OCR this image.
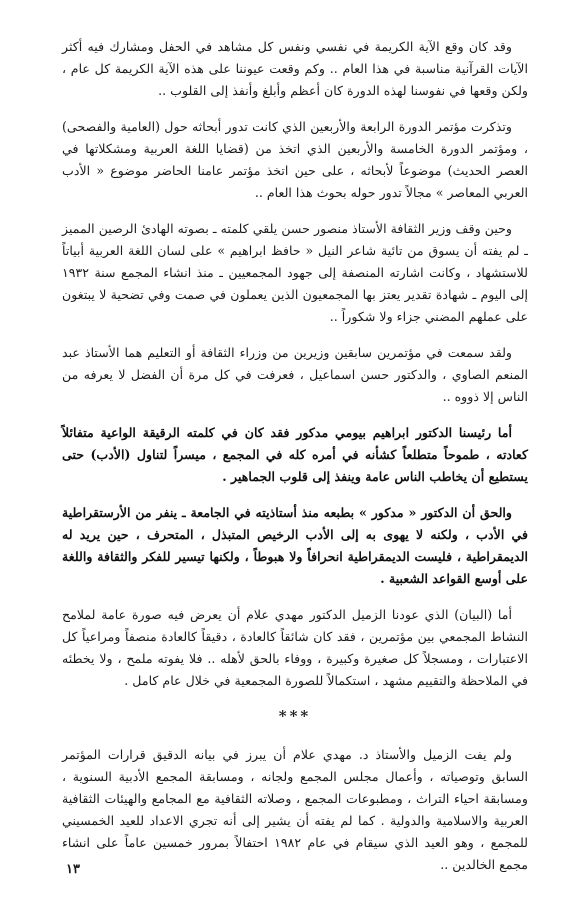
وقد كان وقع الآية الكريمة في نفسي ونفس كل مشاهد في الحفل ومشارك فيه أكثر الآيات القرآنية مناسبة في هذا العام .. وكم وقعت عيوننا على هذه الآية الكريمة كل عام ، ولكن وقعها في نفوسنا لهذه الدورة كان أعظم وأبلغ وأنفذ إلى القلوب ..

وتذكرت مؤتمر الدورة الرابعة والأربعين الذي كانت تدور أبحاثه حول (العامية والفصحى) ، ومؤتمر الدورة الخامسة والأربعين الذي اتخذ من (قضايا اللغة العربية ومشكلاتها في العصر الحديث) موضوعاً لأبحاثه ، على حين اتخذ مؤتمر عامنا الحاضر موضوع « الأدب العربي المعاصر » مجالاً تدور حوله بحوث هذا العام ..

وحين وقف وزير الثقافة الأستاذ منصور حسن يلقي كلمته ـ بصوته الهادئ الرصين المميز ـ لم يفته أن يسوق من تائية شاعر النيل « حافظ ابراهيم » على لسان اللغة العربية أبياتاً للاستشهاد ، وكانت اشارته المنصفة إلى جهود المجمعيين ـ منذ انشاء المجمع سنة ١٩٣٢ إلى اليوم ـ شهادة تقدير يعتز بها المجمعيون الذين يعملون في صمت وفي تضحية لا يبتغون على عملهم المضني جزاء ولا شكوراً ..

ولقد سمعت في مؤتمرين سابقين وزيرين من وزراء الثقافة أو التعليم هما الأستاذ عبد المنعم الصاوي ، والدكتور حسن اسماعيل ، فعرفت في كل مرة أن الفضل لا يعرفه من الناس إلا ذووه ..

أما رئيسنا الدكتور ابراهيم بيومي مدكور فقد كان في كلمته الرقيقة الواعية متفائلاً كعادته ، طموحاً متطلعاً كشأنه في أمره كله في المجمع ، ميسراً لتناول (الأدب) حتى يستطيع أن يخاطب الناس عامة وينفذ إلى قلوب الجماهير .

والحق أن الدكتور « مدكور » بطبعه منذ أستاذيته في الجامعة ـ ينفر من الأرستقراطية في الأدب ، ولكنه لا يهوى به إلى الأدب الرخيص المتبذل ، المتحرف ، حين يريد له الديمقراطية ، فليست الديمقراطية انحرافاً ولا هبوطاً ، ولكنها تيسير للفكر والثقافة واللغة على أوسع القواعد الشعبية .

أما (البيان) الذي عودنا الزميل الدكتور مهدي علام أن يعرض فيه صورة عامة لملامح النشاط المجمعي بين مؤتمرين ، فقد كان شائقاً كالعادة ، دقيقاً كالعادة منصفاً ومراعياً كل الاعتبارات ، ومسجلاً كل صغيرة وكبيرة ، ووفاء بالحق لأهله .. فلا يفوته ملمح ، ولا يخطئه في الملاحظة والتقييم مشهد ، استكمالاً للصورة المجمعية في خلال عام كامل .

***

ولم يفت الزميل والأستاذ د. مهدي علام أن يبرز في بيانه الدقيق قرارات المؤتمر السابق وتوصياته ، وأعمال مجلس المجمع ولجانه ، ومسابقة المجمع الأدبية السنوية ، ومسابقة احياء التراث ، ومطبوعات المجمع ، وصلاته الثقافية مع المجامع والهيئات الثقافية العربية والاسلامية والدولية . كما لم يفته أن يشير إلى أنه تجري الاعداد للعيد الخمسيني للمجمع ، وهو العيد الذي سيقام في عام ١٩٨٢ احتفالاً بمرور خمسين عاماً على انشاء مجمع الخالدين ..

١٣
